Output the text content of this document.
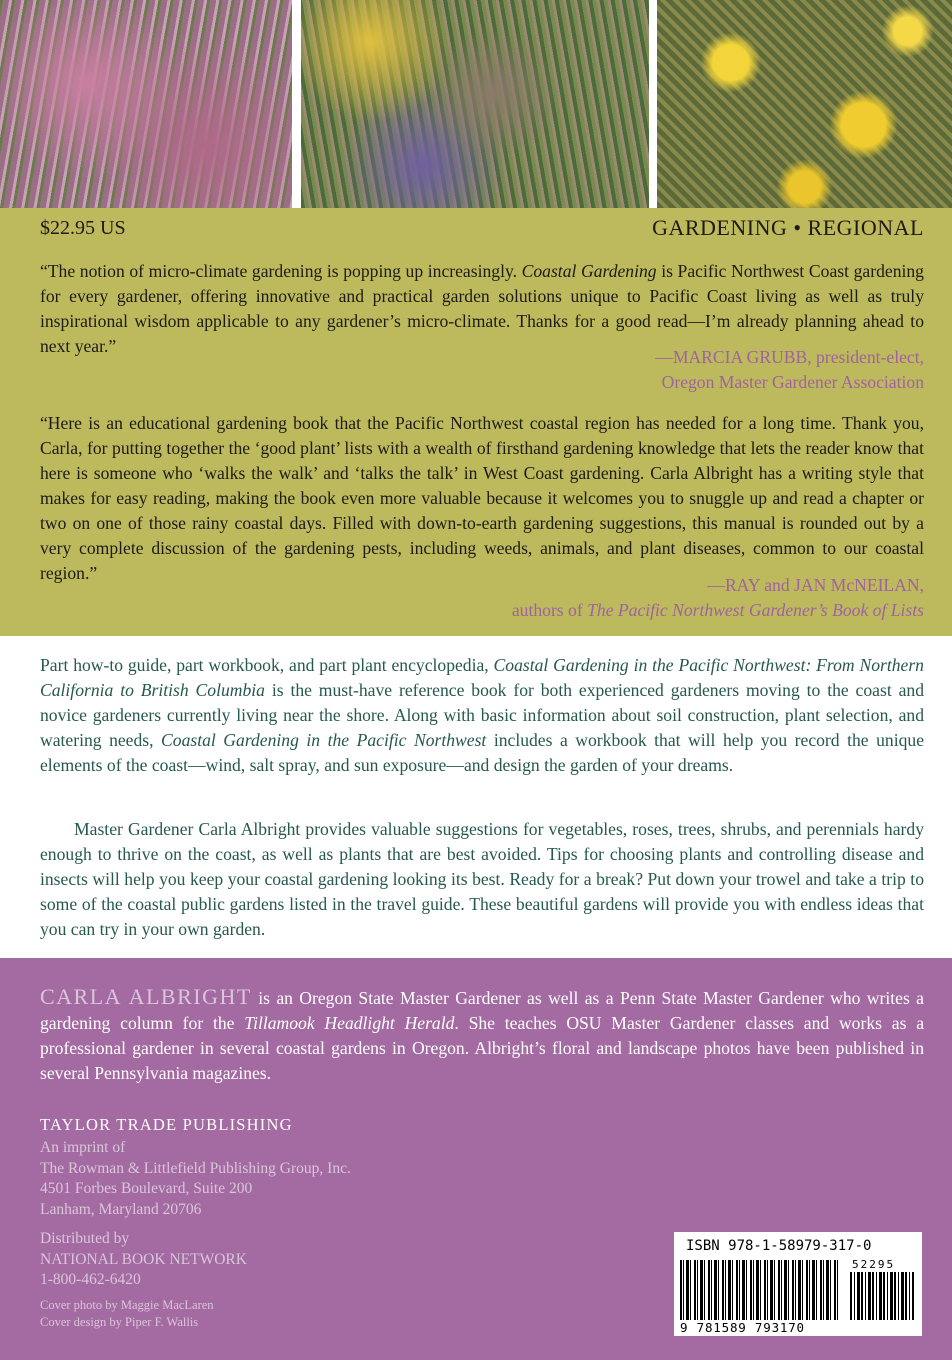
$22.95 US	GARDENING • REGIONAL
“The notion of micro-climate gardening is popping up increasingly. Coastal Gardening is Pacific Northwest Coast gardening for every gardener, offering innovative and practical garden solutions unique to Pacific Coast living as well as truly inspirational wisdom applicable to any gardener’s micro-climate. Thanks for a good read—I’m already planning ahead to next year.”
—MARCIA GRUBB, president-elect,
Oregon Master Gardener Association
“Here is an educational gardening book that the Pacific Northwest coastal region has needed for a long time. Thank you, Carla, for putting together the ‘good plant’ lists with a wealth of firsthand gardening knowledge that lets the reader know that here is someone who ‘walks the walk’ and ‘talks the talk’ in West Coast gardening. Carla Albright has a writing style that makes for easy reading, making the book even more valuable because it welcomes you to snuggle up and read a chapter or two on one of those rainy coastal days. Filled with down-to-earth gardening suggestions, this manual is rounded out by a very complete discussion of the gardening pests, including weeds, animals, and plant diseases, common to our coastal region.”
—RAY and JAN McNEILAN,
authors of The Pacific Northwest Gardener’s Book of Lists
Part how-to guide, part workbook, and part plant encyclopedia, Coastal Gardening in the Pacific Northwest: From Northern California to British Columbia is the must-have reference book for both experienced gardeners moving to the coast and novice gardeners currently living near the shore. Along with basic information about soil construction, plant selection, and watering needs, Coastal Gardening in the Pacific Northwest includes a workbook that will help you record the unique elements of the coast—wind, salt spray, and sun exposure—and design the garden of your dreams.
Master Gardener Carla Albright provides valuable suggestions for vegetables, roses, trees, shrubs, and perennials hardy enough to thrive on the coast, as well as plants that are best avoided. Tips for choosing plants and controlling disease and insects will help you keep your coastal gardening looking its best. Ready for a break? Put down your trowel and take a trip to some of the coastal public gardens listed in the travel guide. These beautiful gardens will provide you with endless ideas that you can try in your own garden.
CARLA ALBRIGHT is an Oregon State Master Gardener as well as a Penn State Master Gardener who writes a gardening column for the Tillamook Headlight Herald. She teaches OSU Master Gardener classes and works as a professional gardener in several coastal gardens in Oregon. Albright’s floral and landscape photos have been published in several Pennsylvania magazines.
TAYLOR TRADE PUBLISHING
An imprint of
The Rowman & Littlefield Publishing Group, Inc.
4501 Forbes Boulevard, Suite 200
Lanham, Maryland 20706
Distributed by
NATIONAL BOOK NETWORK
1-800-462-6420
Cover photo by Maggie MacLaren
Cover design by Piper F. Wallis
ISBN 978-1-58979-317-0
52295
9 781589 793170
